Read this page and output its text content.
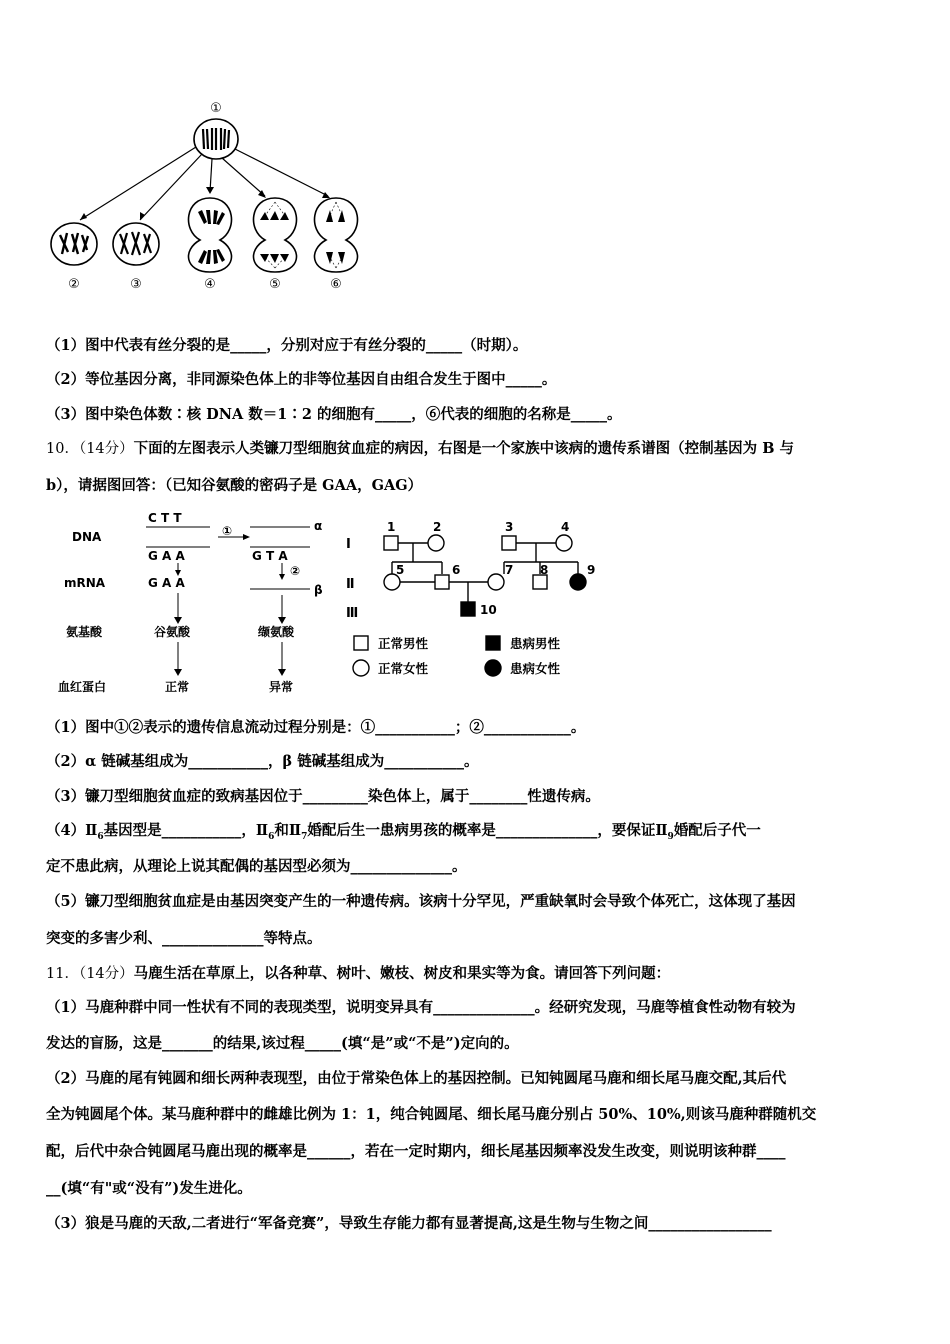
①
②	③	④	⑤	⑥
（1）图中代表有丝分裂的是_____，分别对应于有丝分裂的_____（时期）。
（2）等位基因分离，非同源染色体上的非等位基因自由组合发生于图中_____。
（3）图中染色体数∶核 DNA 数＝1∶2 的细胞有_____，⑥代表的细胞的名称是_____。
10．（14分）下面的左图表示人类镰刀型细胞贫血症的病因，右图是一个家族中该病的遗传系谱图（控制基因为 B 与
b），请据图回答：（已知谷氨酸的密码子是 GAA，GAG）
DNA
mRNA
氨基酸
血红蛋白
C T T
G A A
G A A
谷氨酸
正常
①	α
G T A
②
β
缬氨酸
异常
Ⅰ
Ⅱ
Ⅲ
1	2	3	4
5	6	7 8	9
10
正常男性	患病男性
正常女性	患病女性
（1）图中①②表示的遗传信息流动过程分别是：①___________；②____________。
（2）α 链碱基组成为___________，β 链碱基组成为___________。
（3）镰刀型细胞贫血症的致病基因位于_________染色体上，属于________性遗传病。
$(4)Ⅱ_6$基因型是___________，$Ⅱ_6$和$Ⅱ_7$婚配后生一患病男孩的概率是______________，要保证$Ⅱ_9$婚配后子代一
定不患此病，从理论上说其配偶的基因型必须为______________。
（5）镰刀型细胞贫血症是由基因突变产生的一种遗传病。该病十分罕见，严重缺氧时会导致个体死亡，这体现了基因
突变的多害少利、______________等特点。
11．（14分）马鹿生活在草原上，以各种草、树叶、嫩枝、树皮和果实等为食。请回答下列问题：
（1）马鹿种群中同一性状有不同的表现类型，说明变异具有______________。经研究发现，马鹿等植食性动物有较为
发达的盲肠，这是_______的结果,该过程_____(填“是”或“不是”)定向的。
（2）马鹿的尾有钝圆和细长两种表现型，由位于常染色体上的基因控制。已知钝圆尾马鹿和细长尾马鹿交配,其后代
全为钝圆尾个体。某马鹿种群中的雌雄比例为 1：1，纯合钝圆尾、细长尾马鹿分别占 50%、10%,则该马鹿种群随机交
配，后代中杂合钝圆尾马鹿出现的概率是______，若在一定时期内，细长尾基因频率没发生改变，则说明该种群____
__(填“有"或“没有”)发生进化。
（3）狼是马鹿的天敌,二者进行“军备竞赛”，导致生存能力都有显著提高,这是生物与生物之间_________________
